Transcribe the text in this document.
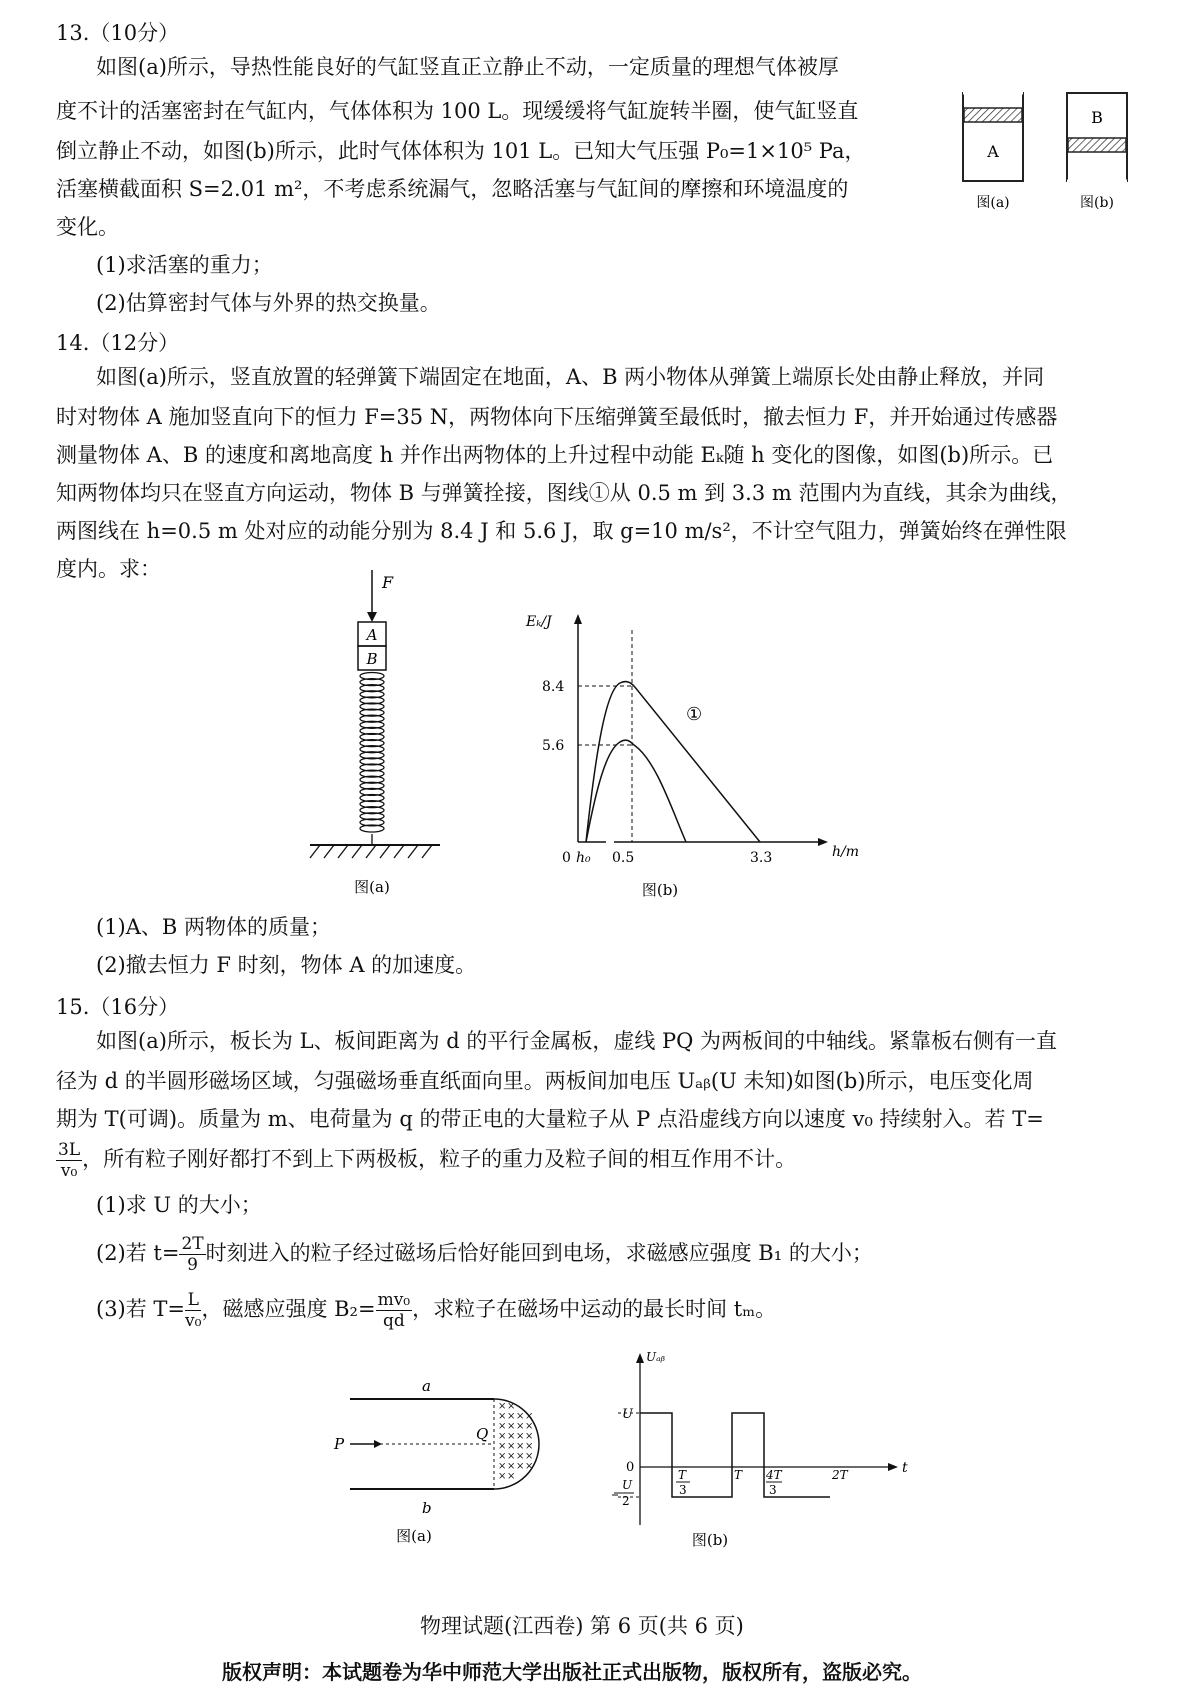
13.（10分）
如图(a)所示，导热性能良好的气缸竖直正立静止不动，一定质量的理想气体被厚
度不计的活塞密封在气缸内，气体体积为 100 L。现缓缓将气缸旋转半圈，使气缸竖直
倒立静止不动，如图(b)所示，此时气体体积为 101 L。已知大气压强 P₀=1×10⁵ Pa，
活塞横截面积 S=2.01 m²，不考虑系统漏气，忽略活塞与气缸间的摩擦和环境温度的
变化。
(1)求活塞的重力；
(2)估算密封气体与外界的热交换量。
A
B
图(a)	图(b)
14.（12分）
如图(a)所示，竖直放置的轻弹簧下端固定在地面，A、B 两小物体从弹簧上端原长处由静止释放，并同
时对物体 A 施加竖直向下的恒力 F=35 N，两物体向下压缩弹簧至最低时，撤去恒力 F，并开始通过传感器
测量物体 A、B 的速度和离地高度 h 并作出两物体的上升过程中动能 Eₖ随 h 变化的图像，如图(b)所示。已
知两物体均只在竖直方向运动，物体 B 与弹簧拴接，图线①从 0.5 m 到 3.3 m 范围内为直线，其余为曲线，
两图线在 h=0.5 m 处对应的动能分别为 8.4 J 和 5.6 J，取 g=10 m/s²，不计空气阻力，弹簧始终在弹性限
度内。求：
F
A
B
图(a)
Eₖ/J
h/m
8.4
5.6
0 h₀ 0.5	3.3
①
图(b)
(1)A、B 两物体的质量；
(2)撤去恒力 F 时刻，物体 A 的加速度。
15.（16分）
如图(a)所示，板长为 L、板间距离为 d 的平行金属板，虚线 PQ 为两板间的中轴线。紧靠板右侧有一直
径为 d 的半圆形磁场区域，匀强磁场垂直纸面向里。两板间加电压 Uₐᵦ(U 未知)如图(b)所示，电压变化周
期为 T(可调)。质量为 m、电荷量为 q 的带正电的大量粒子从 P 点沿虚线方向以速度 v₀ 持续射入。若 T=
$\frac{3L}{\text{v₀}}$ ，所有粒子刚好都打不到上下两极板，粒子的重力及粒子间的相互作用不计。
(1)求 U 的大小；
(2)若 $t= \frac{2T}{9}$ 时刻进入的粒子经过磁场后恰好能回到电场，求磁感应强度 B₁ 的大小；
(3)若 $T= \frac{L}{\text{v₀}}$ ，磁感应强度 $B_2= \frac{\text{mv₀}}{qd}$ ，求粒子在磁场中运动的最长时间 tₘ。
×
×
×
×
×
×
×
×
×
×
×
×
×
×
×
×
×
×
×
×
×
×
×
×
×
×
×
×
a
b
P
Q
图(a)
Uₐᵦ
t
U
0
U
2
T
3
T 4T
3
2T
图(b)
物理试题(江西卷) 第 6 页(共 6 页)
版权声明：本试题卷为华中师范大学出版社正式出版物，版权所有，盗版必究。
